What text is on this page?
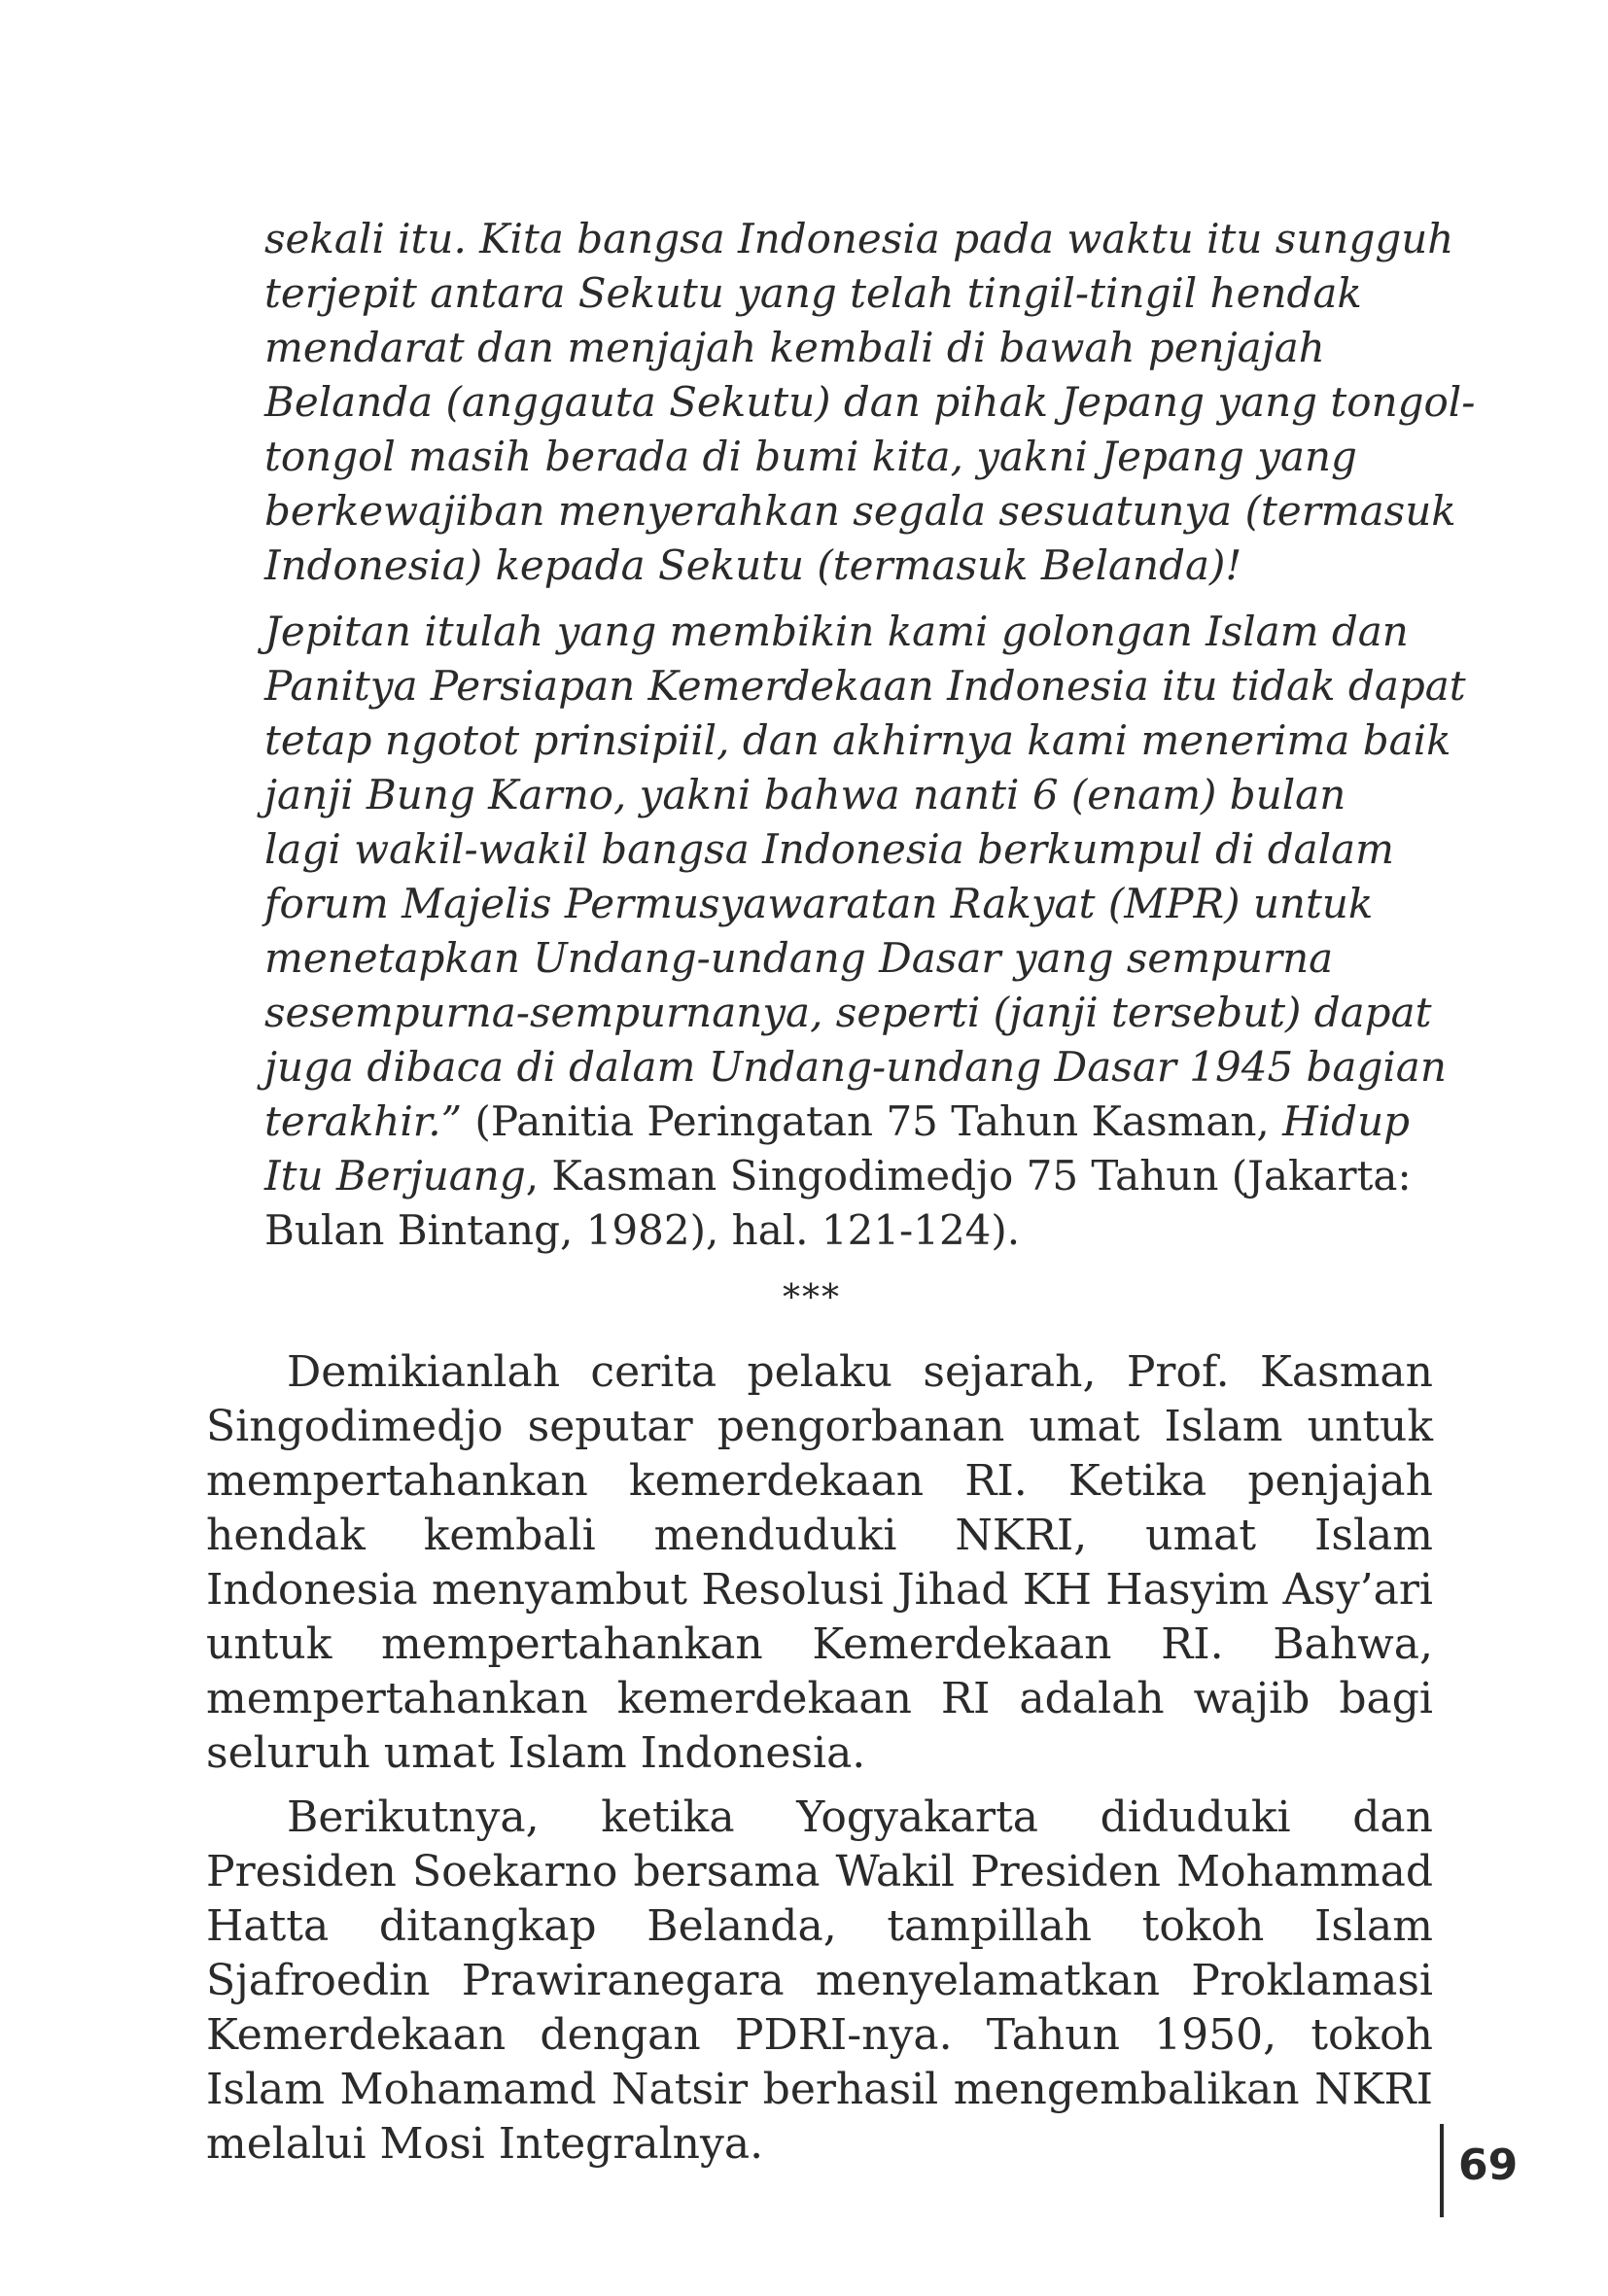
sekali itu. Kita bangsa Indonesia pada waktu itu sungguh
terjepit antara Sekutu yang telah tingil-tingil hendak
mendarat dan menjajah kembali di bawah penjajah
Belanda (anggauta Sekutu) dan pihak Jepang yang tongol-
tongol masih berada di bumi kita, yakni Jepang yang
berkewajiban menyerahkan segala sesuatunya (termasuk
Indonesia) kepada Sekutu (termasuk Belanda)!
Jepitan itulah yang membikin kami golongan Islam dan
Panitya Persiapan Kemerdekaan Indonesia itu tidak dapat
tetap ngotot prinsipiil, dan akhirnya kami menerima baik
janji Bung Karno, yakni bahwa nanti 6 (enam) bulan
lagi wakil-wakil bangsa Indonesia berkumpul di dalam
forum Majelis Permusyawaratan Rakyat (MPR) untuk
menetapkan Undang-undang Dasar yang sempurna
sesempurna-sempurnanya, seperti (janji tersebut) dapat
juga dibaca di dalam Undang-undang Dasar 1945 bagian
terakhir.” (Panitia Peringatan 75 Tahun Kasman, Hidup
Itu Berjuang, Kasman Singodimedjo 75 Tahun (Jakarta:
Bulan Bintang, 1982), hal. 121-124).
***

Demikianlah cerita pelaku sejarah, Prof. Kasman Singodimedjo seputar pengorbanan umat Islam untuk mempertahankan kemerdekaan RI. Ketika penjajah hendak kembali menduduki NKRI, umat Islam Indonesia menyambut Resolusi Jihad KH Hasyim Asy’ari untuk mempertahankan Kemerdekaan RI. Bahwa, mempertahankan kemerdekaan RI adalah wajib bagi seluruh umat Islam Indonesia.

Berikutnya, ketika Yogyakarta diduduki dan Presiden Soekarno bersama Wakil Presiden Mohammad Hatta ditangkap Belanda, tampillah tokoh Islam Sjafroedin Prawiranegara menyelamatkan Proklamasi Kemerdekaan dengan PDRI-nya. Tahun 1950, tokoh Islam Mohamamd Natsir berhasil mengembalikan NKRI melalui Mosi Integralnya.	69
